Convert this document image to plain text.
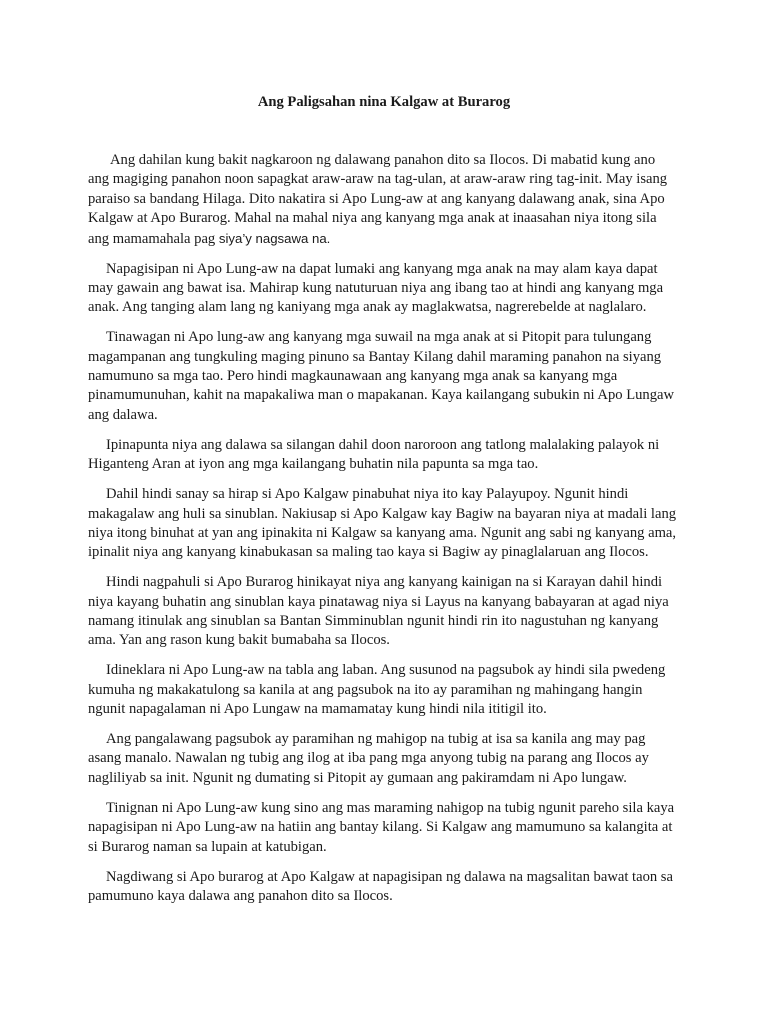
Ang Paligsahan nina Kalgaw at Burarog

Ang dahilan kung bakit nagkaroon ng dalawang panahon dito sa Ilocos. Di mabatid kung ano ang magiging panahon noon sapagkat araw-araw na tag-ulan, at araw-araw ring tag-init. May isang paraiso sa bandang Hilaga. Dito nakatira si Apo Lung-aw at ang kanyang dalawang anak, sina Apo Kalgaw at Apo Burarog. Mahal na mahal niya ang kanyang mga anak at inaasahan niya itong sila ang mamamahala pag siya’y nagsawa na.

Napagisipan ni Apo Lung-aw na dapat lumaki ang kanyang mga anak na may alam kaya dapat may gawain ang bawat isa. Mahirap kung natuturuan niya ang ibang tao at hindi ang kanyang mga anak. Ang tanging alam lang ng kaniyang mga anak ay maglakwatsa, nagrerebelde at naglalaro.

Tinawagan ni Apo lung-aw ang kanyang mga suwail na mga anak at si Pitopit para tulungang magampanan ang tungkuling maging pinuno sa Bantay Kilang dahil maraming panahon na siyang namumuno sa mga tao. Pero hindi magkaunawaan ang kanyang mga anak sa kanyang mga pinamumunuhan, kahit na mapakaliwa man o mapakanan. Kaya kailangang subukin ni Apo Lungaw ang dalawa.

Ipinapunta niya ang dalawa sa silangan dahil doon naroroon ang tatlong malalaking palayok ni Higanteng Aran at iyon ang mga kailangang buhatin nila papunta sa mga tao.

Dahil hindi sanay sa hirap si Apo Kalgaw pinabuhat niya ito kay Palayupoy. Ngunit hindi makagalaw ang huli sa sinublan. Nakiusap si Apo Kalgaw kay Bagiw na bayaran niya at madali lang niya itong binuhat at yan ang ipinakita ni Kalgaw sa kanyang ama. Ngunit ang sabi ng kanyang ama, ipinalit niya ang kanyang kinabukasan sa maling tao kaya si Bagiw ay pinaglalaruan ang Ilocos.

Hindi nagpahuli si Apo Burarog hinikayat niya ang kanyang kainigan na si Karayan dahil hindi niya kayang buhatin ang sinublan kaya pinatawag niya si Layus na kanyang babayaran at agad niya namang itinulak ang sinublan sa Bantan Simminublan ngunit hindi rin ito nagustuhan ng kanyang ama. Yan ang rason kung bakit bumabaha sa Ilocos.

Idineklara ni Apo Lung-aw na tabla ang laban. Ang susunod na pagsubok ay hindi sila pwedeng kumuha ng makakatulong sa kanila at ang pagsubok na ito ay paramihan ng mahingang hangin ngunit napagalaman ni Apo Lungaw na mamamatay kung hindi nila ititigil ito.

Ang pangalawang pagsubok ay paramihan ng mahigop na tubig at isa sa kanila ang may pag asang manalo. Nawalan ng tubig ang ilog at iba pang mga anyong tubig na parang ang Ilocos ay nagliliyab sa init. Ngunit ng dumating si Pitopit ay gumaan ang pakiramdam ni Apo lungaw.

Tinignan ni Apo Lung-aw kung sino ang mas maraming nahigop na tubig ngunit pareho sila kaya napagisipan ni Apo Lung-aw na hatiin ang bantay kilang. Si Kalgaw ang mamumuno sa kalangita at si Burarog naman sa lupain at katubigan.

Nagdiwang si Apo burarog at Apo Kalgaw at napagisipan ng dalawa na magsalitan bawat taon sa pamumuno kaya dalawa ang panahon dito sa Ilocos.
